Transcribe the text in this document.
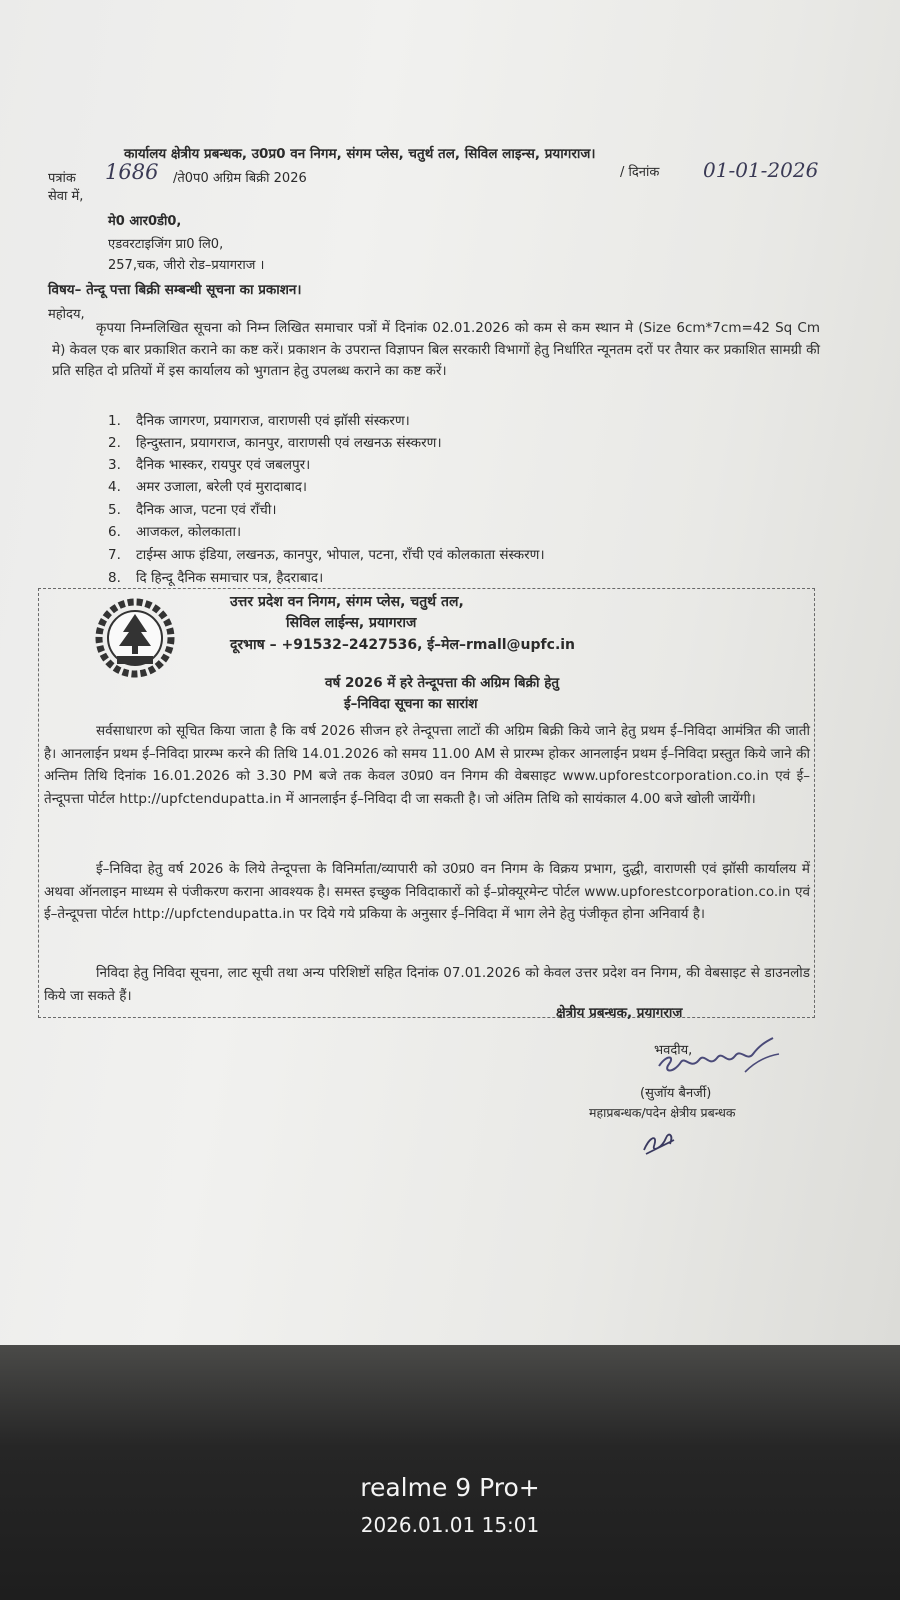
कार्यालय क्षेत्रीय प्रबन्धक, उ0प्र0 वन निगम, संगम प्लेस, चतुर्थ तल, सिविल लाइन्स, प्रयागराज।
पत्रांक 1686 /ते0प0 अग्रिम बिक्री 2026	/ दिनांक 01-01-2026
सेवा में,
मे0 आर0डी0,
एडवरटाइजिंग प्रा0 लि0,
257,चक, जीरो रोड–प्रयागराज ।
विषय– तेन्दू पत्ता बिक्री सम्बन्धी सूचना का प्रकाशन।
महोदय,
कृपया निम्नलिखित सूचना को निम्न लिखित समाचार पत्रों में दिनांक 02.01.2026 को कम से कम स्थान मे (Size 6cm*7cm=42 Sq Cm मे) केवल एक बार प्रकाशित कराने का कष्ट करें। प्रकाशन के उपरान्त विज्ञापन बिल सरकारी विभागों हेतु निर्धारित न्यूनतम दरों पर तैयार कर प्रकाशित सामग्री की प्रति सहित दो प्रतियों में इस कार्यालय को भुगतान हेतु उपलब्ध कराने का कष्ट करें।
1. दैनिक जागरण, प्रयागराज, वाराणसी एवं झॉसी संस्करण।
2. हिन्दुस्तान, प्रयागराज, कानपुर, वाराणसी एवं लखनऊ संस्करण।
3. दैनिक भास्कर, रायपुर एवं जबलपुर।
4. अमर उजाला, बरेली एवं मुरादाबाद।
5. दैनिक आज, पटना एवं रॉंची।
6. आजकल, कोलकाता।
7. टाईम्स आफ इंडिया, लखनऊ, कानपुर, भोपाल, पटना, रॉंची एवं कोलकाता संस्करण।
8. दि हिन्दू दैनिक समाचार पत्र, हैदराबाद।
उत्तर प्रदेश वन निगम, संगम प्लेस, चतुर्थ तल,
सिविल लाईन्स, प्रयागराज
दूरभाष – +91532–2427536, ई–मेल–rmall@upfc.in
वर्ष 2026 में हरे तेन्दूपत्ता की अग्रिम बिक्री हेतु
ई–निविदा सूचना का सारांश
सर्वसाधारण को सूचित किया जाता है कि वर्ष 2026 सीजन हरे तेन्दूपत्ता लाटों की अग्रिम बिक्री किये जाने हेतु प्रथम ई–निविदा आमंत्रित की जाती है। आनलाईन प्रथम ई–निविदा प्रारम्भ करने की तिथि 14.01.2026 को समय 11.00 AM से प्रारम्भ होकर आनलाईन प्रथम ई–निविदा प्रस्तुत किये जाने की अन्तिम तिथि दिनांक 16.01.2026 को 3.30 PM बजे तक केवल उ0प्र0 वन निगम की वेबसाइट www.upforestcorporation.co.in एवं ई–तेन्दूपत्ता पोर्टल http://upfctendupatta.in में आनलाईन ई–निविदा दी जा सकती है। जो अंतिम तिथि को सायंकाल 4.00 बजे खोली जायेंगी।
ई–निविदा हेतु वर्ष 2026 के लिये तेन्दूपत्ता के विनिर्माता/व्यापारी को उ0प्र0 वन निगम के विक्रय प्रभाग, दुद्धी, वाराणसी एवं झॉसी कार्यालय में अथवा ऑनलाइन माध्यम से पंजीकरण कराना आवश्यक है। समस्त इच्छुक निविदाकारों को ई–प्रोक्यूरमेन्ट पोर्टल www.upforestcorporation.co.in एवं ई–तेन्दूपत्ता पोर्टल http://upfctendupatta.in पर दिये गये प्रकिया के अनुसार ई–निविदा में भाग लेने हेतु पंजीकृत होना अनिवार्य है।
निविदा हेतु निविदा सूचना, लाट सूची तथा अन्य परिशिष्टों सहित दिनांक 07.01.2026 को केवल उत्तर प्रदेश वन निगम, की वेबसाइट से डाउनलोड किये जा सकते हैं।
क्षेत्रीय प्रबन्धक, प्रयागराज
भवदीय,
(सुजॉय बैनर्जी)
महाप्रबन्धक/पदेन क्षेत्रीय प्रबन्धक
realme 9 Pro+
2026.01.01 15:01
